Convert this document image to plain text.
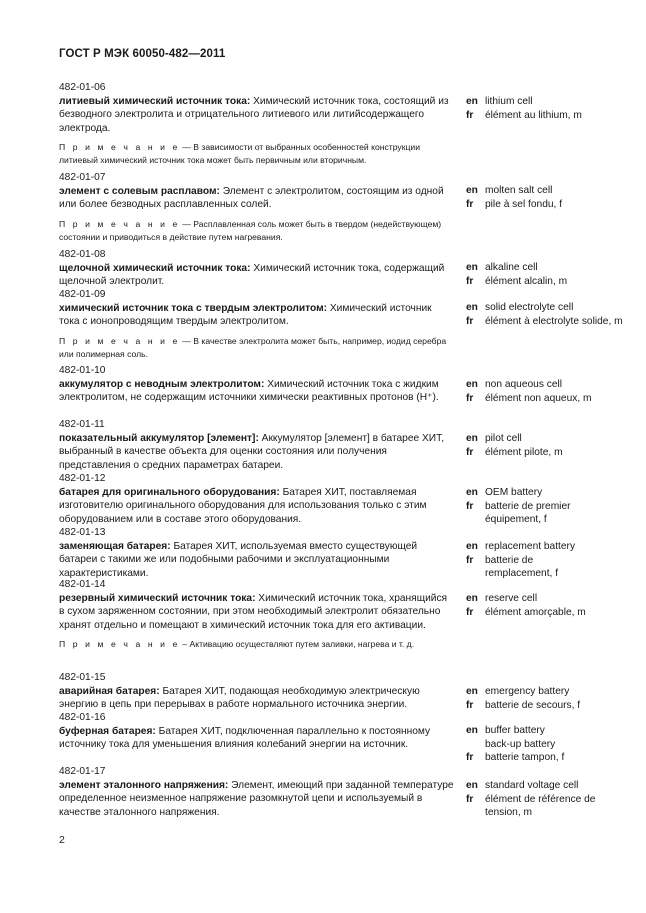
ГОСТ Р МЭК 60050-482—2011

482-01-06

литиевый химический источник тока: Химический источник тока, состоящий из безводного электролита и отрицательного литиевого или литийсодержащего электрода.

П р и м е ч а н и е — В зависимости от выбранных особенностей конструкции литиевый химический источник тока может быть первичным или вторичным.

en lithium cell
fr élément au lithium, m

482-01-07

элемент с солевым расплавом: Элемент с электролитом, состоящим из одной или более безводных расплавленных солей.

П р и м е ч а н и е — Расплавленная соль может быть в твердом (недействующем) состоянии и приводиться в действие путем нагревания.

en molten salt cell
fr pile à sel fondu, f

482-01-08

щелочной химический источник тока: Химический источник тока, содержащий щелочной электролит.

en alkaline cell
fr élément alcalin, m

482-01-09

химический источник тока с твердым электролитом: Химический источник тока с ионопроводящим твердым электролитом.

П р и м е ч а н и е — В качестве электролита может быть, например, иодид серебра или полимерная соль.

en solid electrolyte cell
fr élément à electrolyte solide, m

482-01-10

аккумулятор с неводным электролитом: Химический источник тока с жидким электролитом, не содержащим источники химически реактивных протонов (H⁺).

en non aqueous cell
fr élément non aqueux, m

482-01-11

показательный аккумулятор [элемент]: Аккумулятор [элемент] в батарее ХИТ, выбранный в качестве объекта для оценки состояния или получения представления о средних параметрах батареи.

en pilot cell
fr élément pilote, m

482-01-12

батарея для оригинального оборудования: Батарея ХИТ, поставляемая изготовителю оригинального оборудования для использования только с этим оборудованием или в составе этого оборудования.

en OEM battery
fr batterie de premier équipement, f

482-01-13

заменяющая батарея: Батарея ХИТ, используемая вместо существующей батареи с такими же или подобными рабочими и эксплуатационными характеристиками.

en replacement battery
fr batterie de remplacement, f

482-01-14

резервный химический источник тока: Химический источник тока, хранящийся в сухом заряженном состоянии, при этом необходимый электролит обязательно хранят отдельно и помещают в химический источник тока для его активации.

П р и м е ч а н и е – Активацию осуществляют путем заливки, нагрева и т. д.

en reserve cell
fr élément amorçable, m

482-01-15

аварийная батарея: Батарея ХИТ, подающая необходимую электрическую энергию в цепь при перерывах в работе нормального источника энергии.

en emergency battery
fr batterie de secours, f

482-01-16

буферная батарея: Батарея ХИТ, подключенная параллельно к постоянному источнику тока для уменьшения влияния колебаний энергии на источник.

en buffer battery
back-up battery
fr batterie tampon, f

482-01-17

элемент эталонного напряжения: Элемент, имеющий при заданной температуре определенное неизменное напряжение разомкнутой цепи и используемый в качестве эталонного напряжения.

en standard voltage cell
fr élément de référence de tension, m
2
